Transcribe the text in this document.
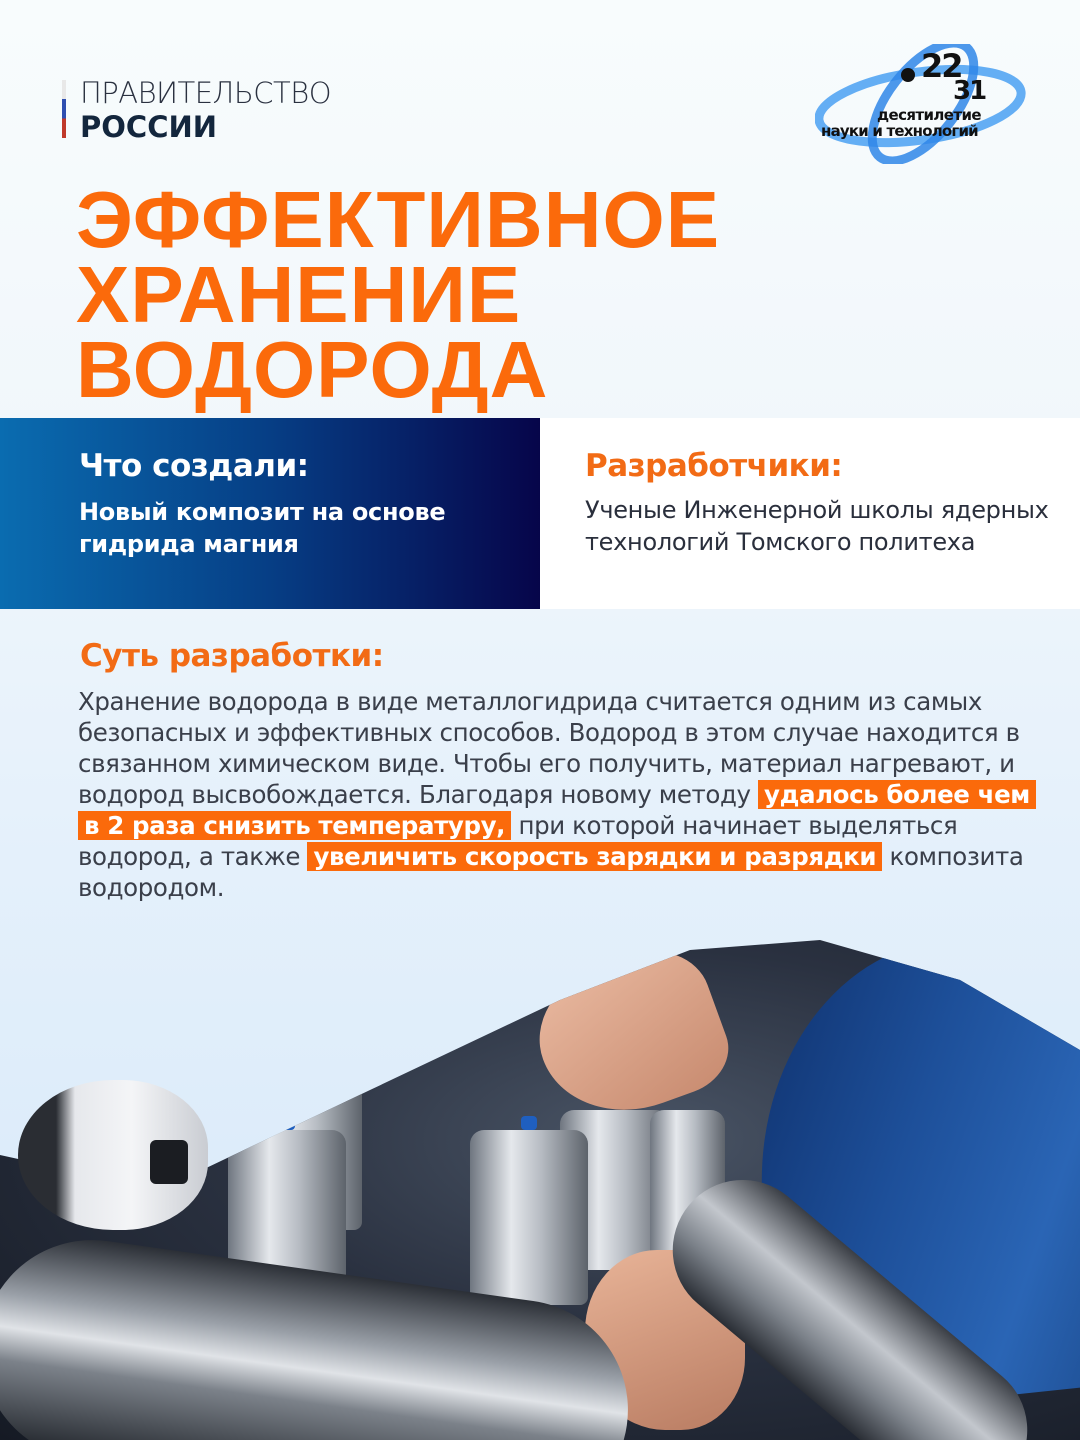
ПРАВИТЕЛЬСТВО
РОССИИ
22
31
десятилетие
науки и технологий
ЭФФЕКТИВНОЕ
ХРАНЕНИЕ
ВОДОРОДА
Что создали:
Новый композит на основе гидрида магния
Разработчики:
Ученые Инженерной школы ядерных технологий Томского политеха
Суть разработки:
Хранение водорода в виде металлогидрида считается одним из самых безопасных и эффективных способов. Водород в этом случае находится в связанном химическом виде. Чтобы его получить, материал нагревают, и водород высвобождается. Благодаря новому методу удалось более чем в 2 раза снизить температуру, при которой начинает выделяться водород, а также увеличить скорость зарядки и разрядки композита водородом.
